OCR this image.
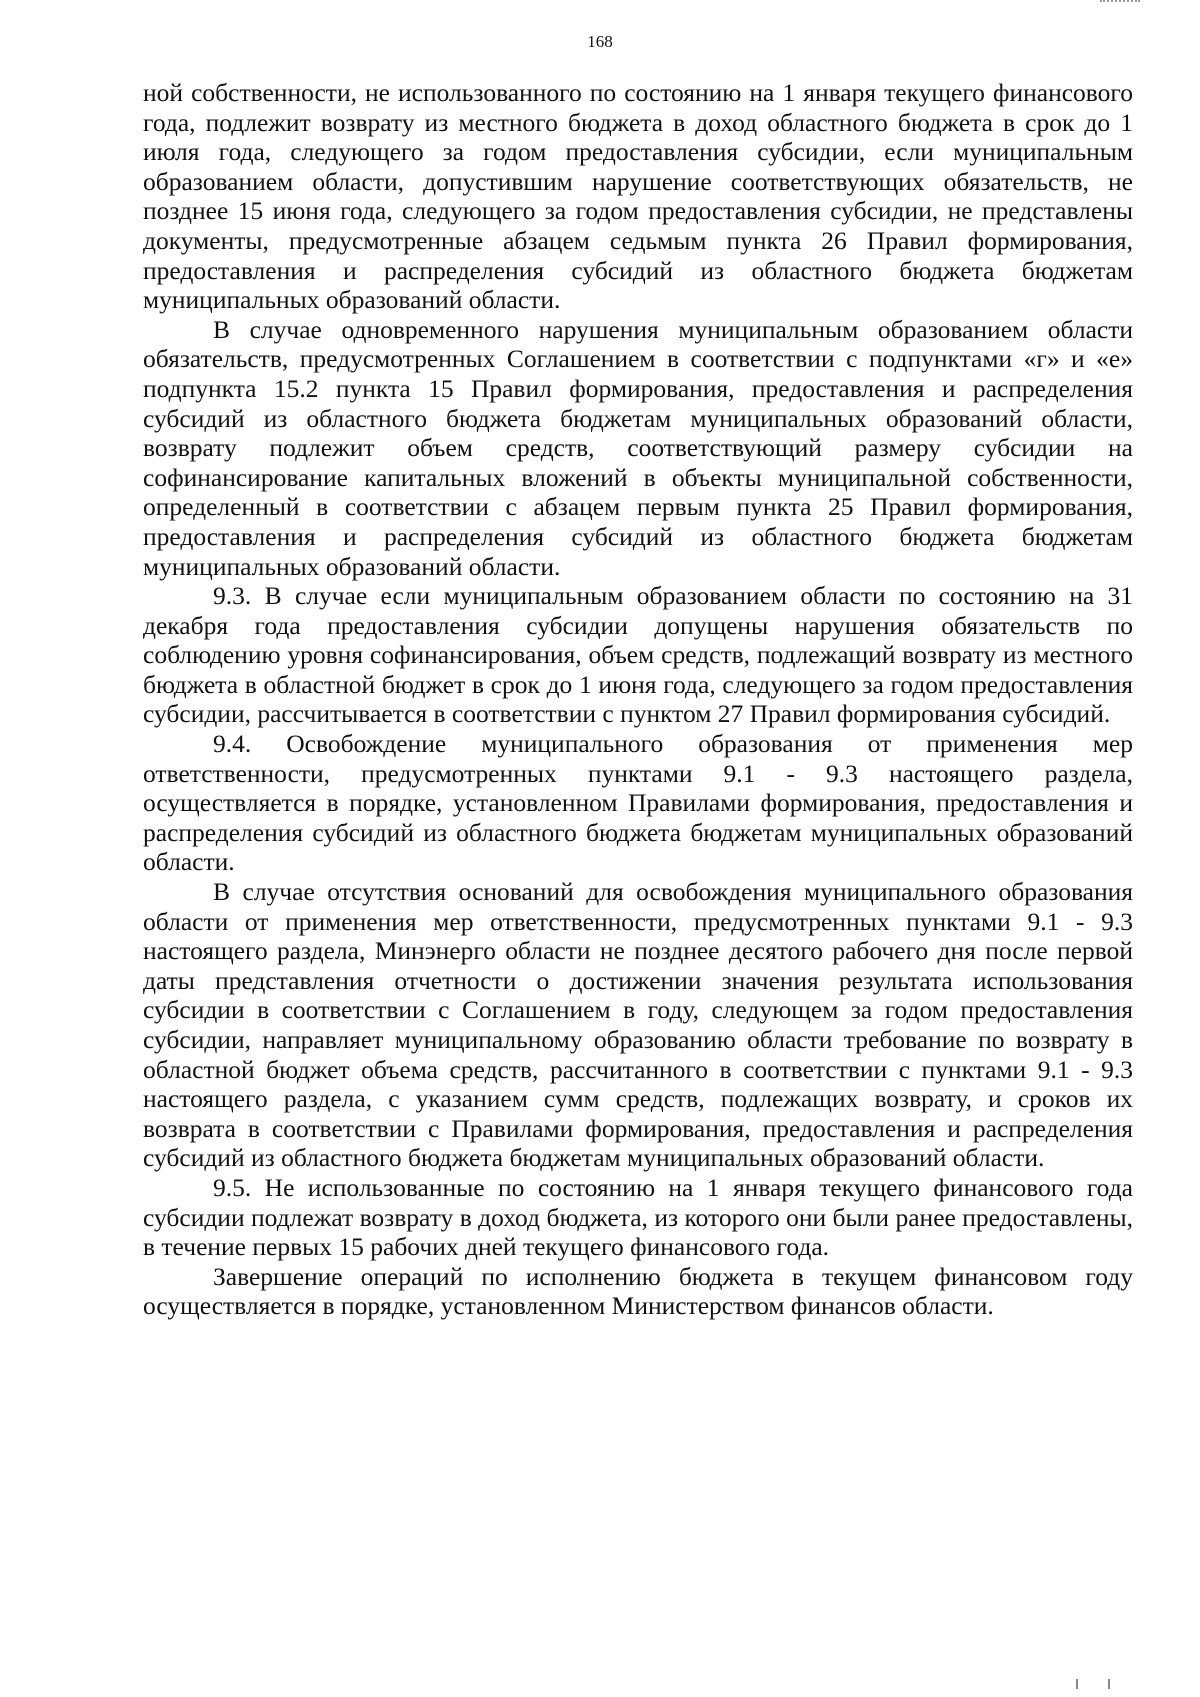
168

ной собственности, не использованного по состоянию на 1 января текущего финансового года, подлежит возврату из местного бюджета в доход областного бюджета в срок до 1 июля года, следующего за годом предоставления субсидии, если муниципальным образованием области, допустившим нарушение соответствующих обязательств, не позднее 15 июня года, следующего за годом предоставления субсидии, не представлены документы, предусмотренные абзацем седьмым пункта 26 Правил формирования, предоставления и распределения субсидий из областного бюджета бюджетам муниципальных образований области.

В случае одновременного нарушения муниципальным образованием области обязательств, предусмотренных Соглашением в соответствии с подпунктами «г» и «е» подпункта 15.2 пункта 15 Правил формирования, предоставления и распределения субсидий из областного бюджета бюджетам муниципальных образований области, возврату подлежит объем средств, соответствующий размеру субсидии на софинансирование капитальных вложений в объекты муниципальной собственности, определенный в соответствии с абзацем первым пункта 25 Правил формирования, предоставления и распределения субсидий из областного бюджета бюджетам муниципальных образований области.

9.3. В случае если муниципальным образованием области по состоянию на 31 декабря года предоставления субсидии допущены нарушения обязательств по соблюдению уровня софинансирования, объем средств, подлежащий возврату из местного бюджета в областной бюджет в срок до 1 июня года, следующего за годом предоставления субсидии, рассчитывается в соответствии с пунктом 27 Правил формирования субсидий.

9.4. Освобождение муниципального образования от применения мер ответственности, предусмотренных пунктами 9.1 - 9.3 настоящего раздела, осуществляется в порядке, установленном Правилами формирования, предоставления и распределения субсидий из областного бюджета бюджетам муниципальных образований области.

В случае отсутствия оснований для освобождения муниципального образования области от применения мер ответственности, предусмотренных пунктами 9.1 - 9.3 настоящего раздела, Минэнерго области не позднее десятого рабочего дня после первой даты представления отчетности о достижении значения результата использования субсидии в соответствии с Соглашением в году, следующем за годом предоставления субсидии, направляет муниципальному образованию области требование по возврату в областной бюджет объема средств, рассчитанного в соответствии с пунктами 9.1 - 9.3 настоящего раздела, с указанием сумм средств, подлежащих возврату, и сроков их возврата в соответствии с Правилами формирования, предоставления и распределения субсидий из областного бюджета бюджетам муниципальных образований области.

9.5. Не использованные по состоянию на 1 января текущего финансового года субсидии подлежат возврату в доход бюджета, из которого они были ранее предоставлены, в течение первых 15 рабочих дней текущего финансового года.

Завершение операций по исполнению бюджета в текущем финансовом году осуществляется в порядке, установленном Министерством финансов области.
